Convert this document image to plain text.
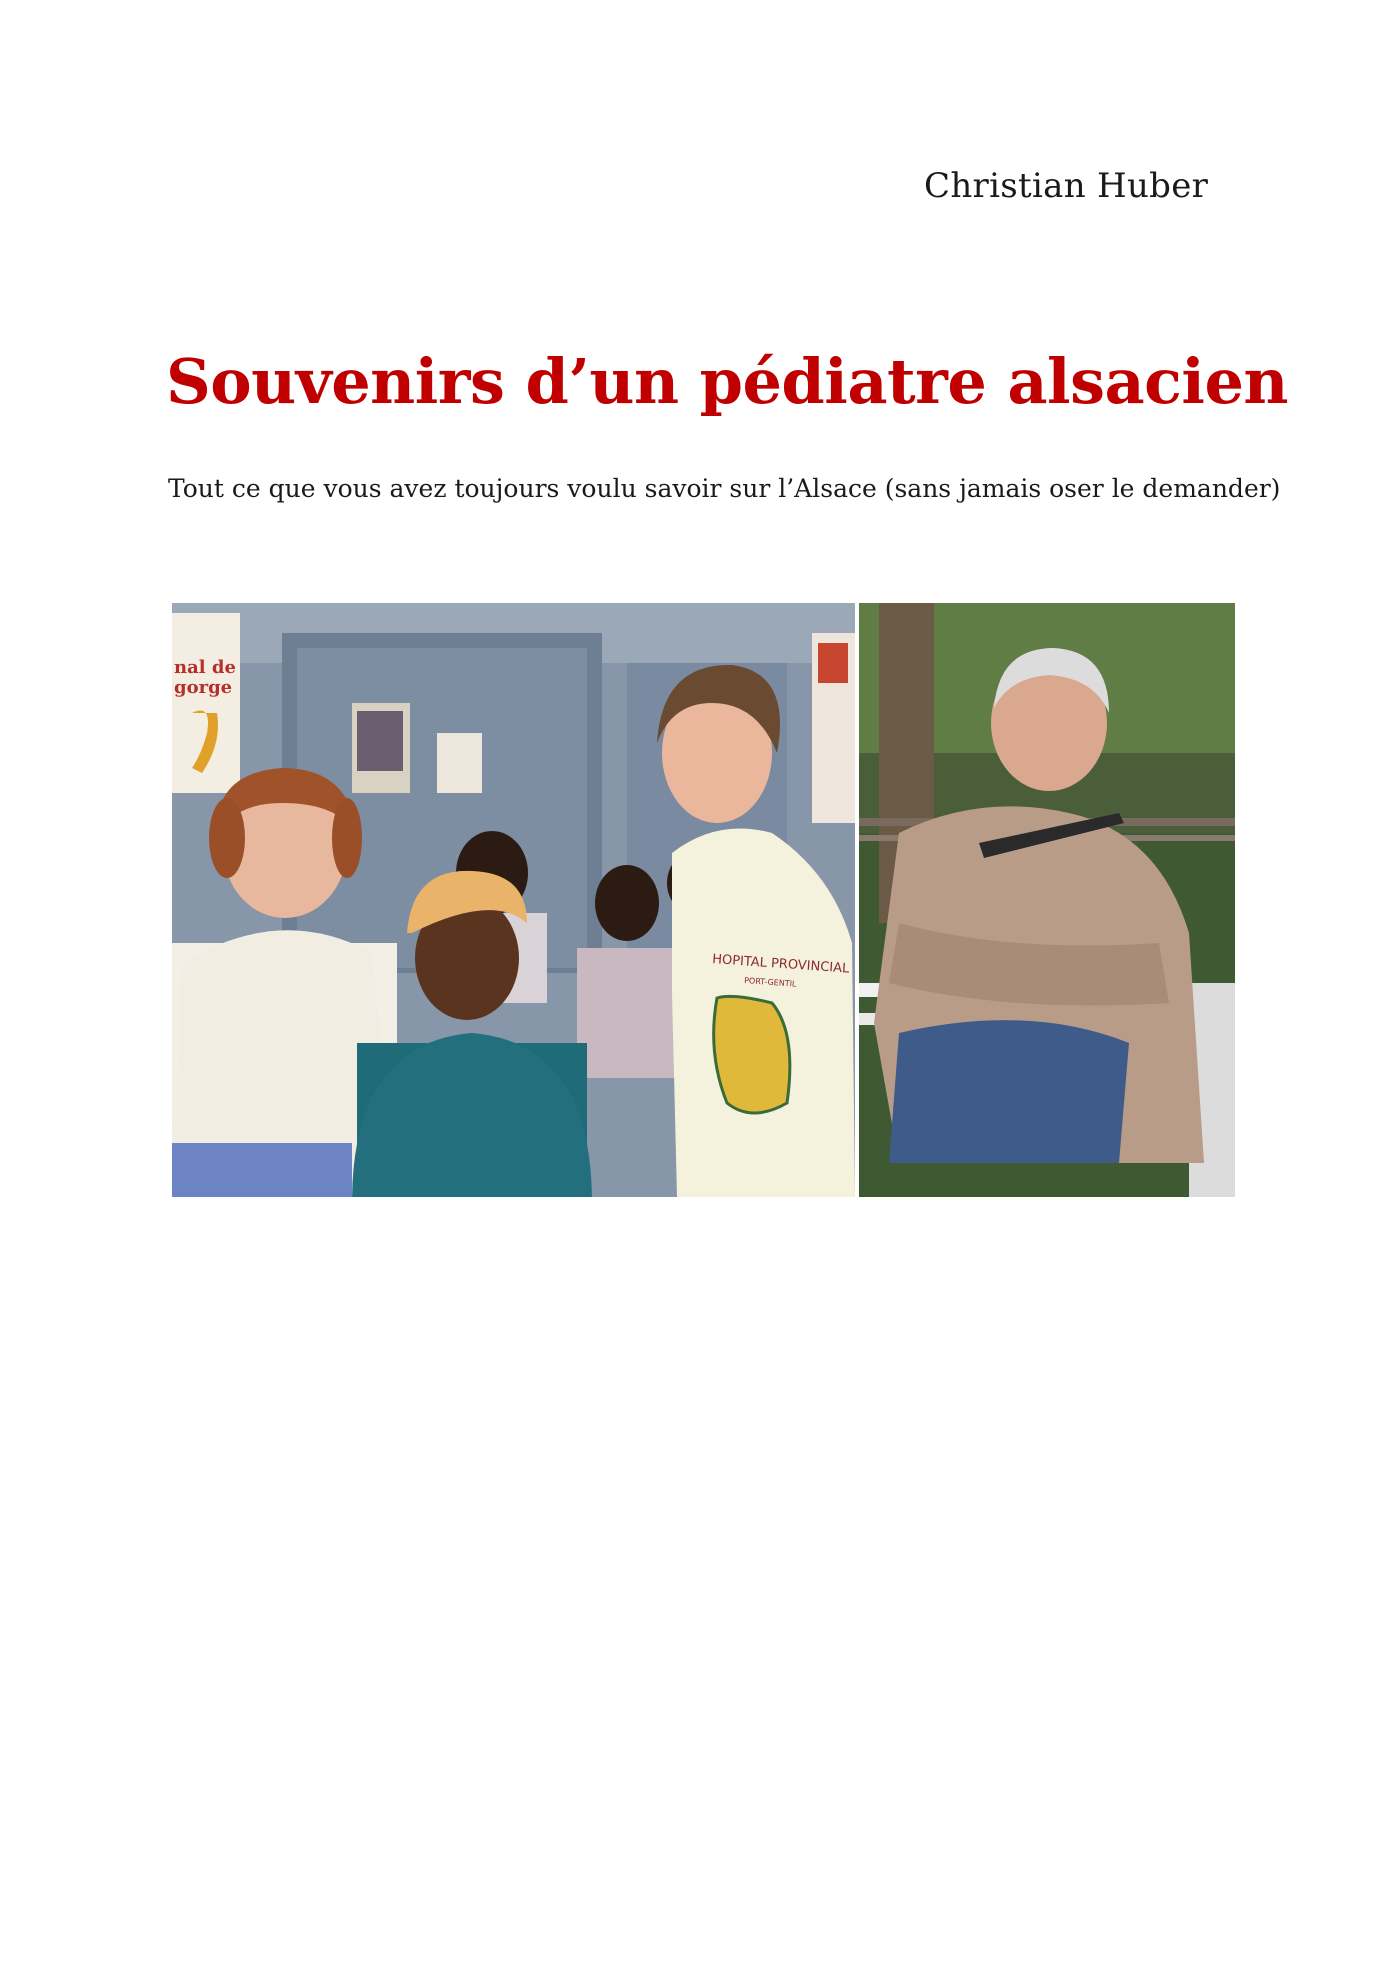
Christian Huber
Souvenirs d’un pédiatre alsacien
Tout ce que vous avez toujours voulu savoir sur l’Alsace (sans jamais oser le demander)
nal de
gorge
HOPITAL PROVINCIAL
PORT-GENTIL
